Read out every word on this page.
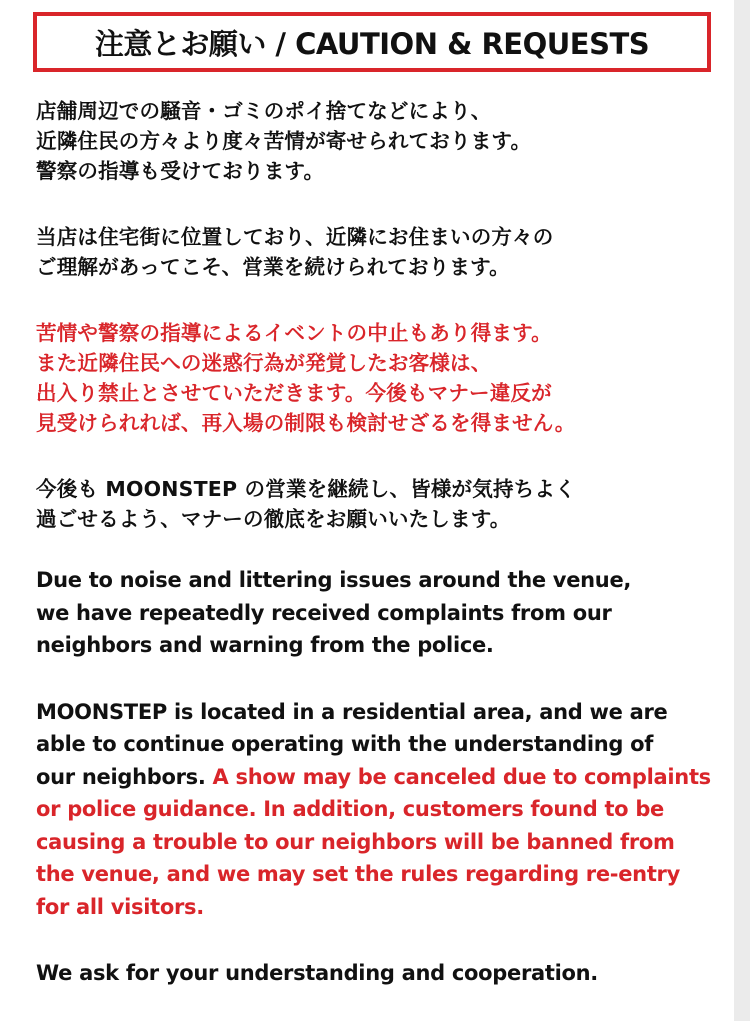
注意とお願い / CAUTION & REQUESTS
店舗周辺での騒音・ゴミのポイ捨てなどにより、
近隣住民の方々より度々苦情が寄せられております。
警察の指導も受けております。
当店は住宅街に位置しており、近隣にお住まいの方々の
ご理解があってこそ、営業を続けられております。
苦情や警察の指導によるイベントの中止もあり得ます。
また近隣住民への迷惑行為が発覚したお客様は、
出入り禁止とさせていただきます。今後もマナー違反が
見受けられれば、再入場の制限も検討せざるを得ません。
今後も MOONSTEP の営業を継続し、皆様が気持ちよく
過ごせるよう、マナーの徹底をお願いいたします。
Due to noise and littering issues around the venue,
we have repeatedly received complaints from our
neighbors and warning from the police.
MOONSTEP is located in a residential area, and we are
able to continue operating with the understanding of
our neighbors. A show may be canceled due to complaints
or police guidance. In addition, customers found to be
causing a trouble to our neighbors will be banned from
the venue, and we may set the rules regarding re-entry
for all visitors.
We ask for your understanding and cooperation.
